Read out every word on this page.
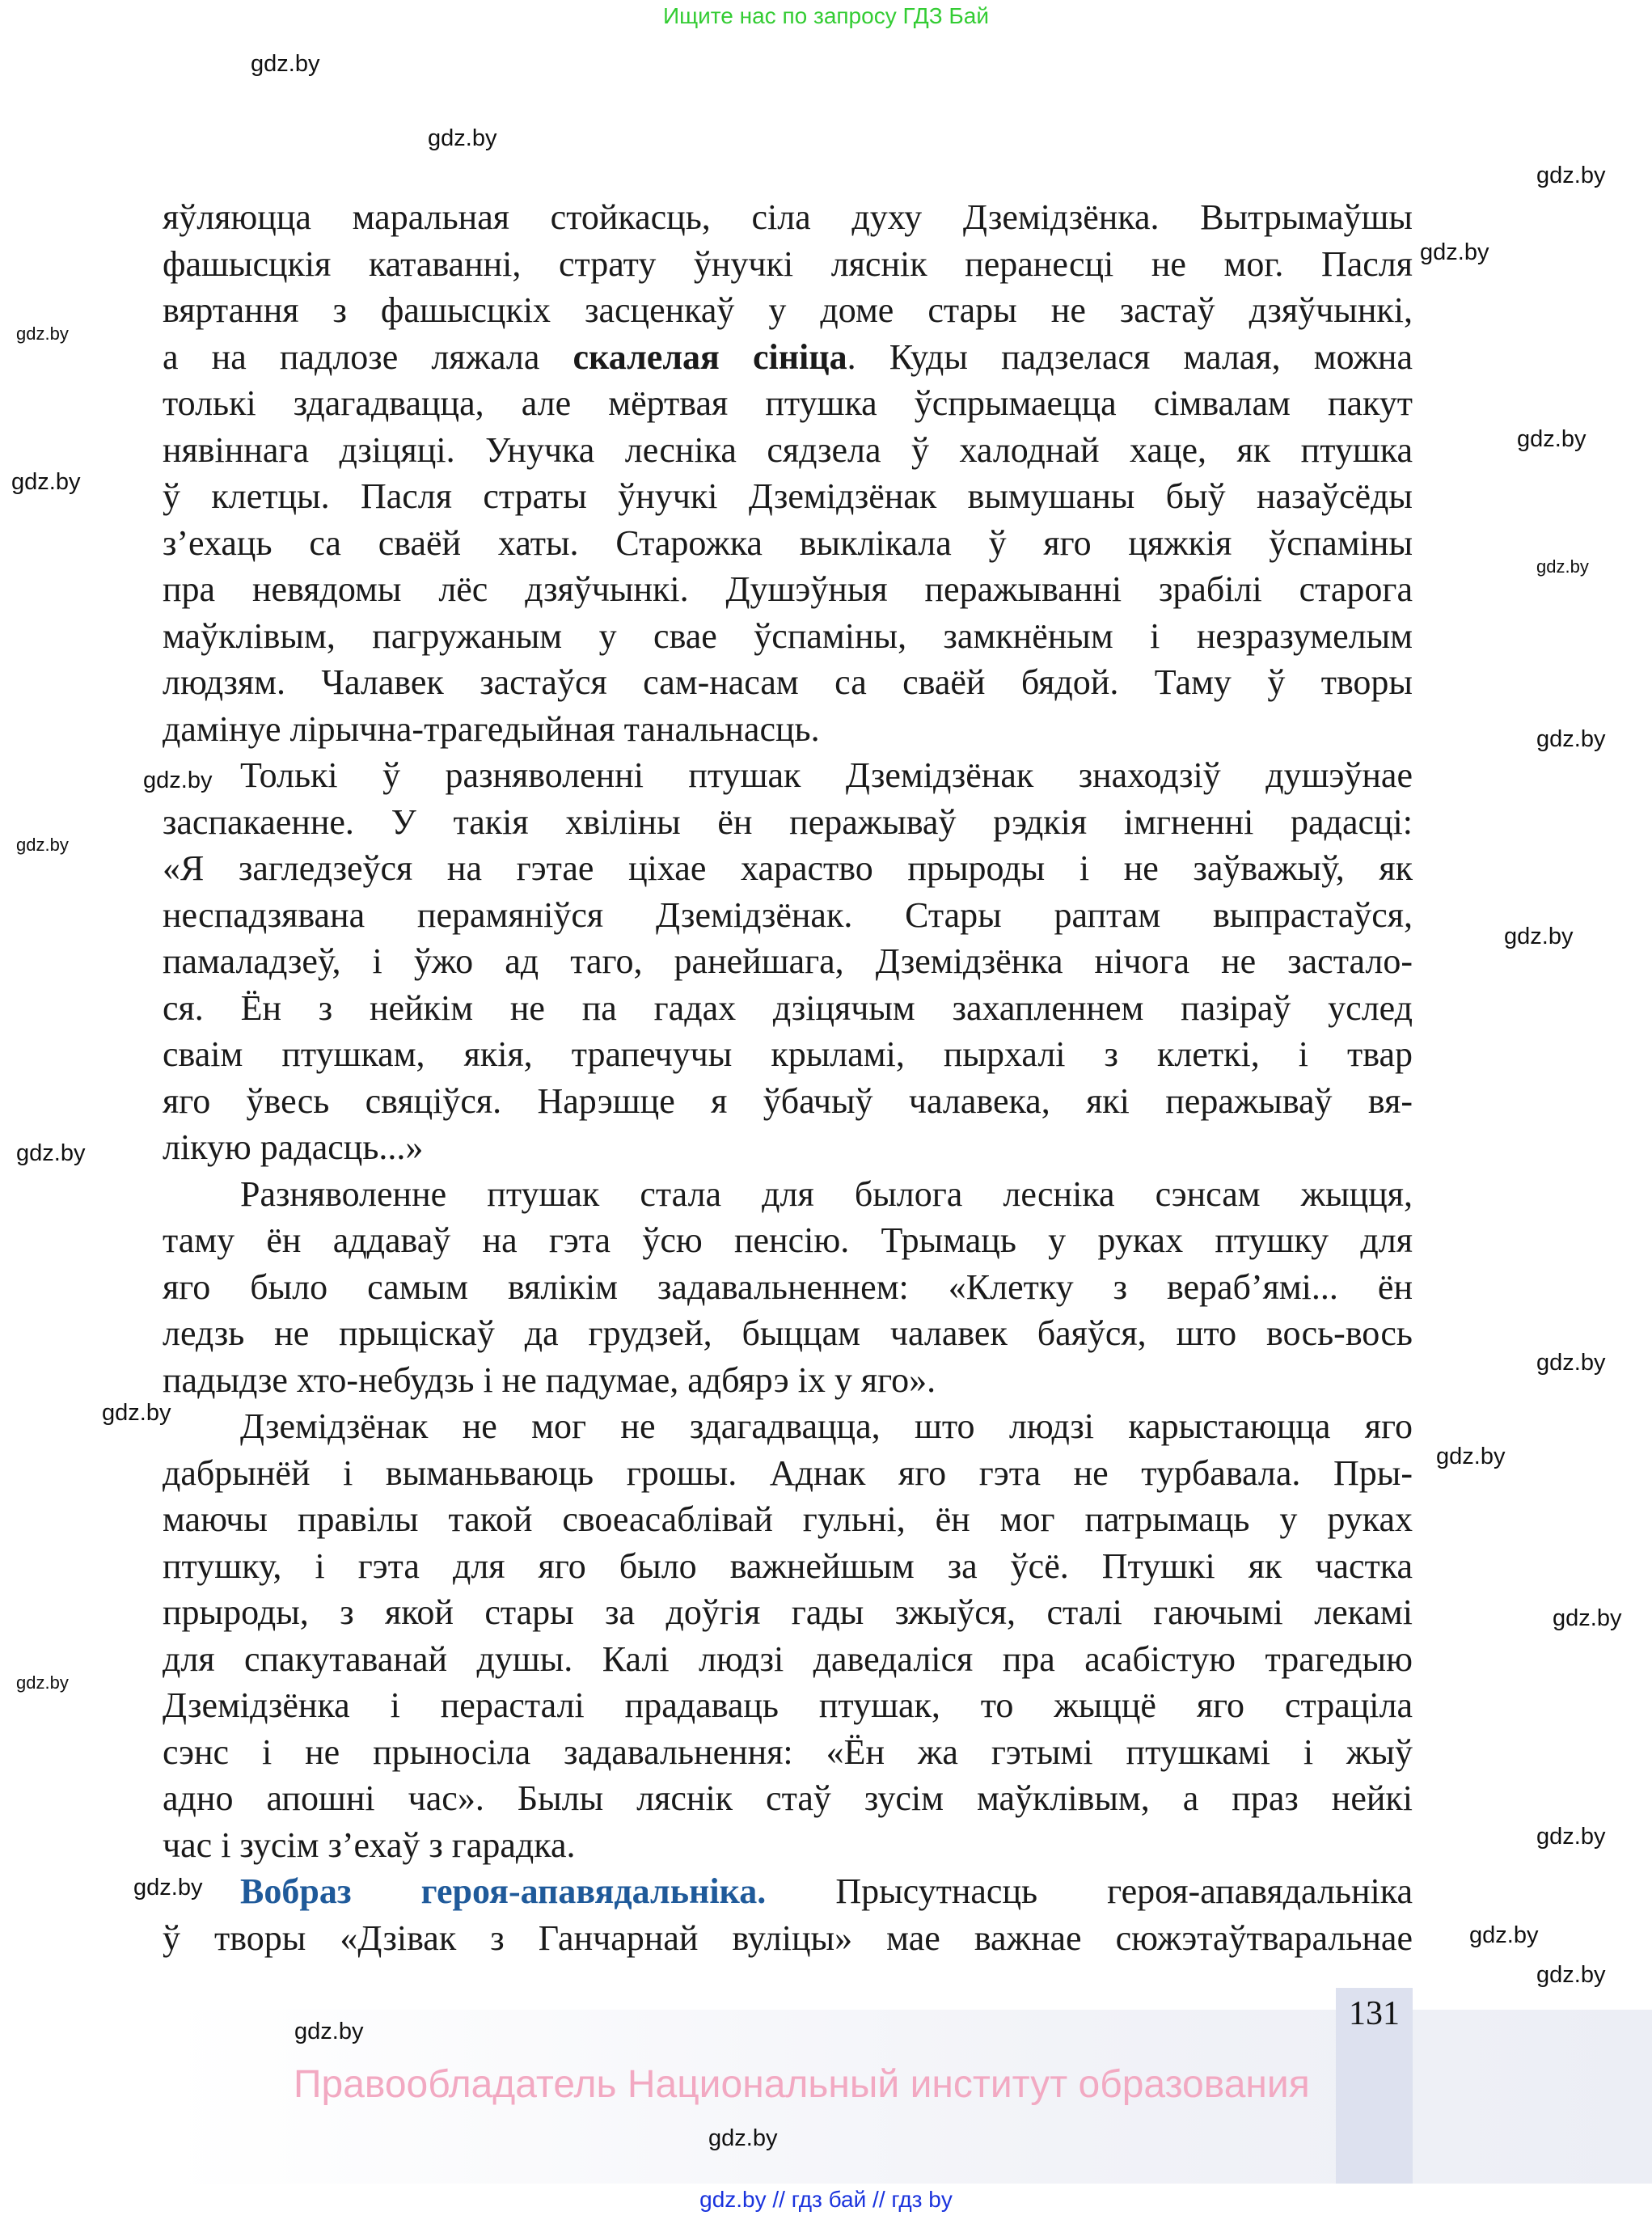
Ищите нас по запросу ГДЗ Бай
131
Правообладатель Национальный институт образования
gdz.by // гдз бай // гдз by
яўляюцца маральная стойкасць, сіла духу Дземідзёнка. Вытрымаўшы
фашысцкія катаванні, страту ўнучкі ляснік перанесці не мог. Пасля
вяртання з фашысцкіх засценкаў у доме стары не застаў дзяўчынкі,
а на падлозе ляжала скалелая сініца. Куды падзелася малая, можна
толькі здагадвацца, але мёртвая птушка ўспрымаецца сімвалам пакут
нявіннага дзіцяці. Унучка лесніка сядзела ў халоднай хаце, як птушка
ў клетцы. Пасля страты ўнучкі Дземідзёнак вымушаны быў назаўсёды
з’ехаць са сваёй хаты. Старожка выклікала ў яго цяжкія ўспаміны
пра невядомы лёс дзяўчынкі. Душэўныя перажыванні зрабілі старога
маўклівым, пагружаным у свае ўспаміны, замкнёным і незразумелым
людзям. Чалавек застаўся сам-насам са сваёй бядой. Таму ў творы
дамінуе лірычна-трагедыйная танальнасць.
Толькі ў разняволенні птушак Дземідзёнак знаходзіў душэўнае
заспакаенне. У такія хвіліны ён перажываў рэдкія імгненні радасці:
«Я загледзеўся на гэтае ціхае хараство прыроды і не заўважыў, як
неспадзявана перамяніўся Дземідзёнак. Стары раптам выпрастаўся,
памаладзеў, і ўжо ад таго, ранейшага, Дземідзёнка нічога не застало-
ся. Ён з нейкім не па гадах дзіцячым захапленнем пазіраў услед
сваім птушкам, якія, трапечучы крыламі, пырхалі з клеткі, і твар
яго ўвесь свяціўся. Нарэшце я ўбачыў чалавека, які перажываў вя-
лікую радасць...»
Разняволенне птушак стала для былога лесніка сэнсам жыцця,
таму ён аддаваў на гэта ўсю пенсію. Трымаць у руках птушку для
яго было самым вялікім задавальненнем: «Клетку з вераб’ямі... ён
ледзь не прыціскаў да грудзей, быццам чалавек баяўся, што вось-вось
падыдзе хто-небудзь і не падумае, адбярэ іх у яго».
Дземідзёнак не мог не здагадвацца, што людзі карыстаюцца яго
дабрынёй і выманьваюць грошы. Аднак яго гэта не турбавала. Пры-
маючы правілы такой своеасаблівай гульні, ён мог патрымаць у руках
птушку, і гэта для яго было важнейшым за ўсё. Птушкі як частка
прыроды, з якой стары за доўгія гады зжыўся, сталі гаючымі лекамі
для спакутаванай душы. Калі людзі даведаліся пра асабістую трагедыю
Дземідзёнка і перасталі прадаваць птушак, то жыццё яго страціла
сэнс і не прыносіла задавальнення: «Ён жа гэтымі птушкамі і жыў
адно апошні час». Былы ляснік стаў зусім маўклівым, а праз нейкі
час і зусім з’ехаў з гарадка.
Вобраз героя-апавядальніка. Прысутнасць героя-апавядальніка
ў творы «Дзівак з Ганчарнай вуліцы» мае важнае сюжэтаўтваральнае
gdz.by
gdz.by
gdz.by
gdz.by
gdz.by
gdz.by
gdz.by
gdz.by
gdz.by
gdz.by
gdz.by
gdz.by
gdz.by
gdz.by
gdz.by
gdz.by
gdz.by
gdz.by
gdz.by
gdz.by
gdz.by
gdz.by
gdz.by
gdz.by
